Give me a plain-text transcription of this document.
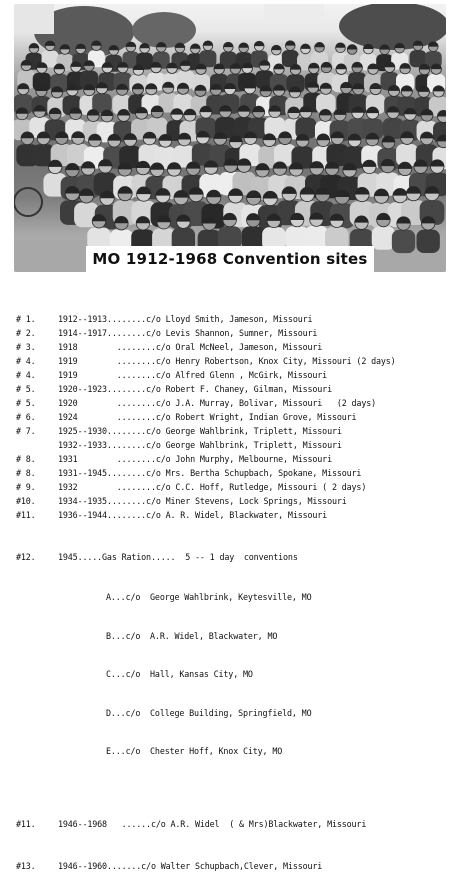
MO 1912-1968 Convention sites

# 1.	1912--1913........c/o Lloyd Smith, Jameson, Missouri
# 2.	1914--1917........c/o Levis Shannon, Sumner, Missouri
# 3.	1918        ........c/o Oral McNeel, Jameson, Missouri
# 4.	1919        ........c/o Henry Robertson, Knox City, Missouri (2 days)
# 4.	1919        ........c/o Alfred Glenn , McGirk, Missouri
# 5.	1920--1923........c/o Robert F. Chaney, Gilman, Missouri
# 5.	1920        ........c/o J.A. Murray, Bolivar, Missouri   (2 days)
# 6.	1924        ........c/o Robert Wright, Indian Grove, Missouri
# 7.	1925--1930........c/o George Wahlbrink, Triplett, Missouri
1932--1933........c/o George Wahlbrink, Triplett, Missouri
# 8.	1931        ........c/o John Murphy, Melbourne, Missouri
# 8.	1931--1945........c/o Mrs. Bertha Schupbach, Spokane, Missouri
# 9.	1932        ........c/o C.C. Hoff, Rutledge, Missouri ( 2 days)
#10.	1934--1935........c/o Miner Stevens, Lock Springs, Missouri
#11.	1936--1944........c/o A. R. Widel, Blackwater, Missouri

#12.	1945.....Gas Ration.....  5 -- 1 day  conventions

A...c/o  George Wahlbrink, Keytesville, MO

B...c/o  A.R. Widel, Blackwater, MO

C...c/o  Hall, Kansas City, MO

D...c/o  College Building, Springfield, MO

E...c/o  Chester Hoff, Knox City, MO

#11.	1946--1968   ......c/o A.R. Widel  ( & Mrs)Blackwater, Missouri

#13.	1946--1960.......c/o Walter Schupbach,Clever, Missouri
